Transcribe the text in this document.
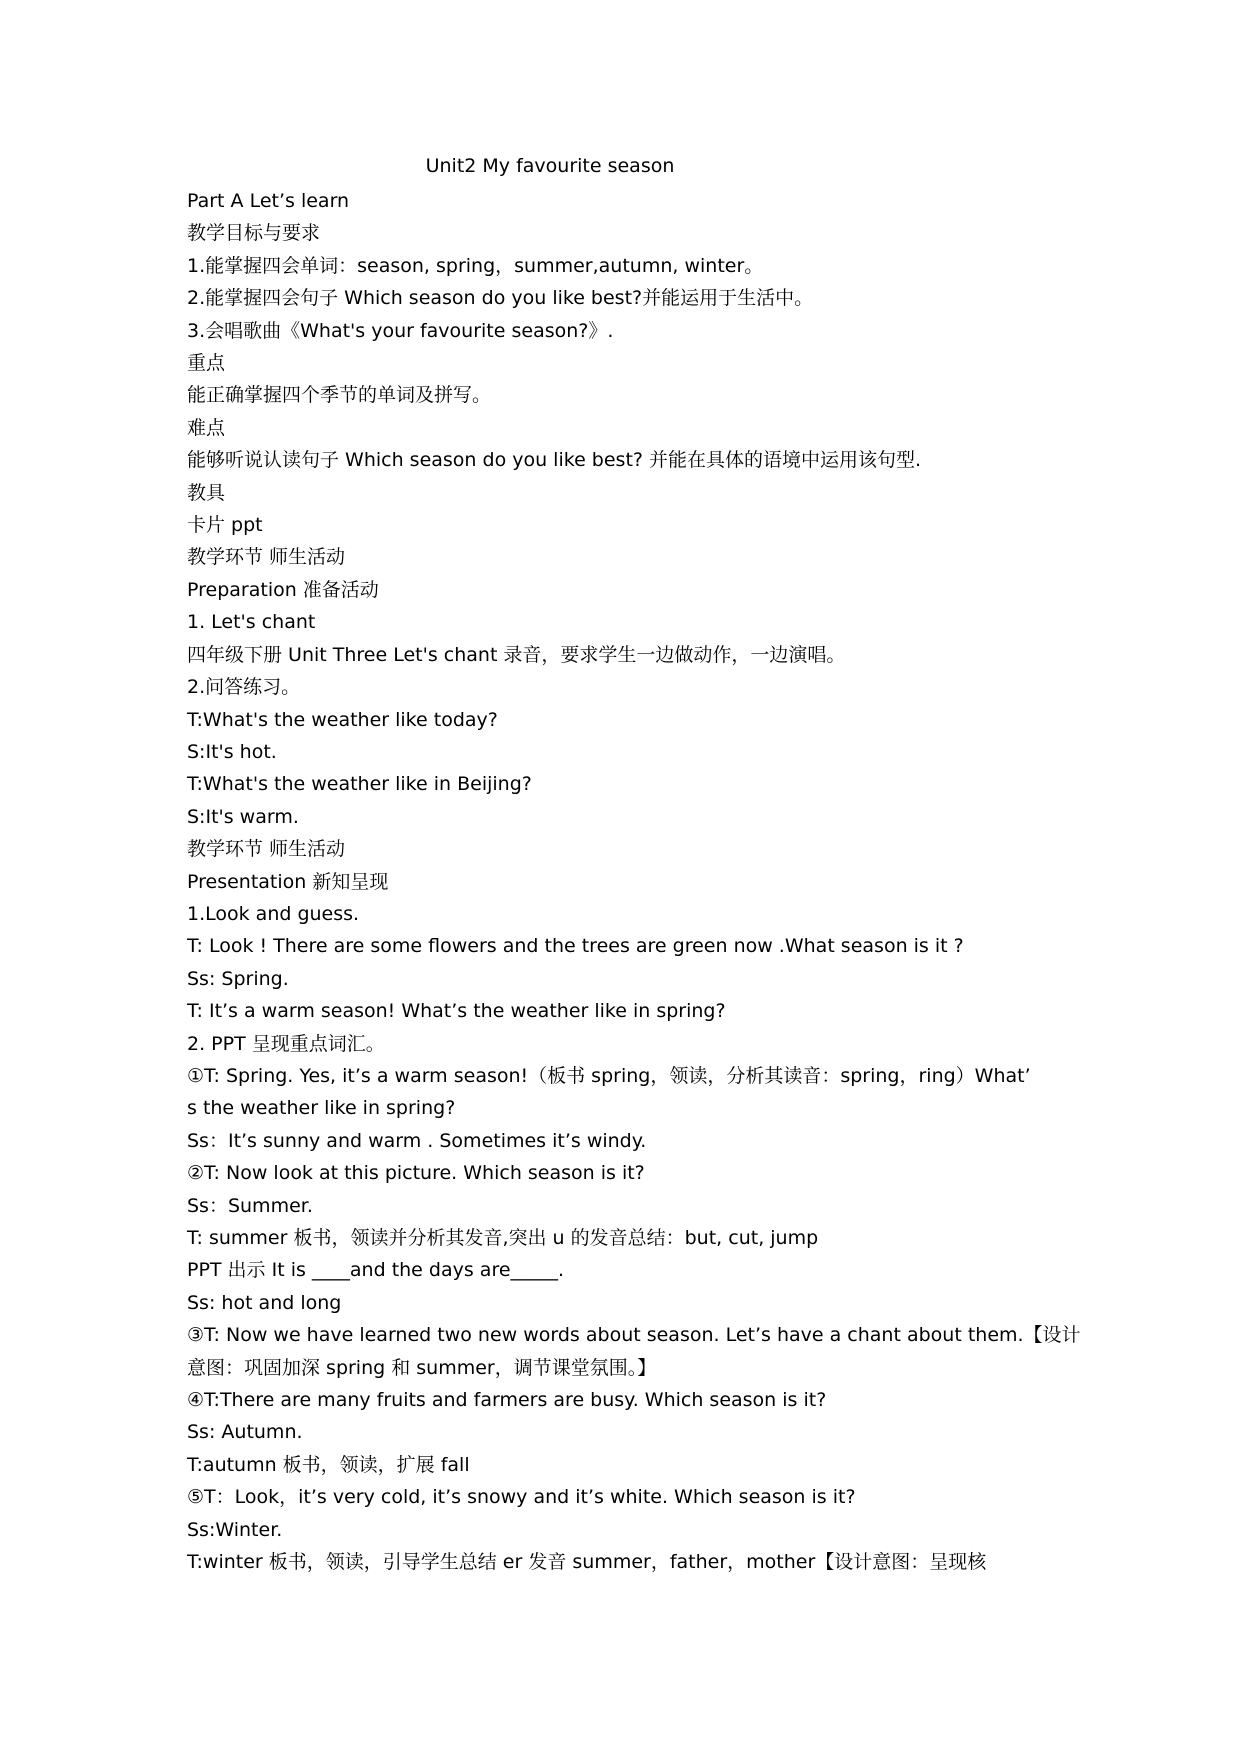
Unit2 My favourite season
Part A Let’s learn
教学目标与要求
1.能掌握四会单词：season, spring，summer,autumn, winter。
2.能掌握四会句子 Which season do you like best?并能运用于生活中。
3.会唱歌曲《What's your favourite season?》.
重点
能正确掌握四个季节的单词及拼写。
难点
能够听说认读句子 Which season do you like best? 并能在具体的语境中运用该句型.
教具
卡片 ppt
教学环节 师生活动
Preparation 准备活动
1. Let's chant
四年级下册 Unit Three Let's chant 录音，要求学生一边做动作，一边演唱。
2.问答练习。
T:What's the weather like today?
S:It's hot.
T:What's the weather like in Beijing?
S:It's warm.
教学环节 师生活动
Presentation 新知呈现
1.Look and guess.
T: Look ! There are some flowers and the trees are green now .What season is it ?
Ss: Spring.
T: It’s a warm season! What’s the weather like in spring?
2. PPT 呈现重点词汇。
①T: Spring. Yes, it’s a warm season!（板书 spring，领读，分析其读音：spring，ring）What’
s the weather like in spring?
Ss：It’s sunny and warm . Sometimes it’s windy.
②T: Now look at this picture. Which season is it?
Ss：Summer.
T: summer 板书，领读并分析其发音,突出 u 的发音总结：but, cut, jump
PPT 出示 It is ____and the days are_____.
Ss: hot and long
③T: Now we have learned two new words about season. Let’s have a chant about them.【设计
意图：巩固加深 spring 和 summer，调节课堂氛围。】
④T:There are many fruits and farmers are busy. Which season is it?
Ss: Autumn.
T:autumn 板书，领读，扩展 fall
⑤T：Look，it’s very cold, it’s snowy and it’s white. Which season is it?
Ss:Winter.
T:winter 板书，领读，引导学生总结 er 发音 summer，father，mother【设计意图：呈现核
